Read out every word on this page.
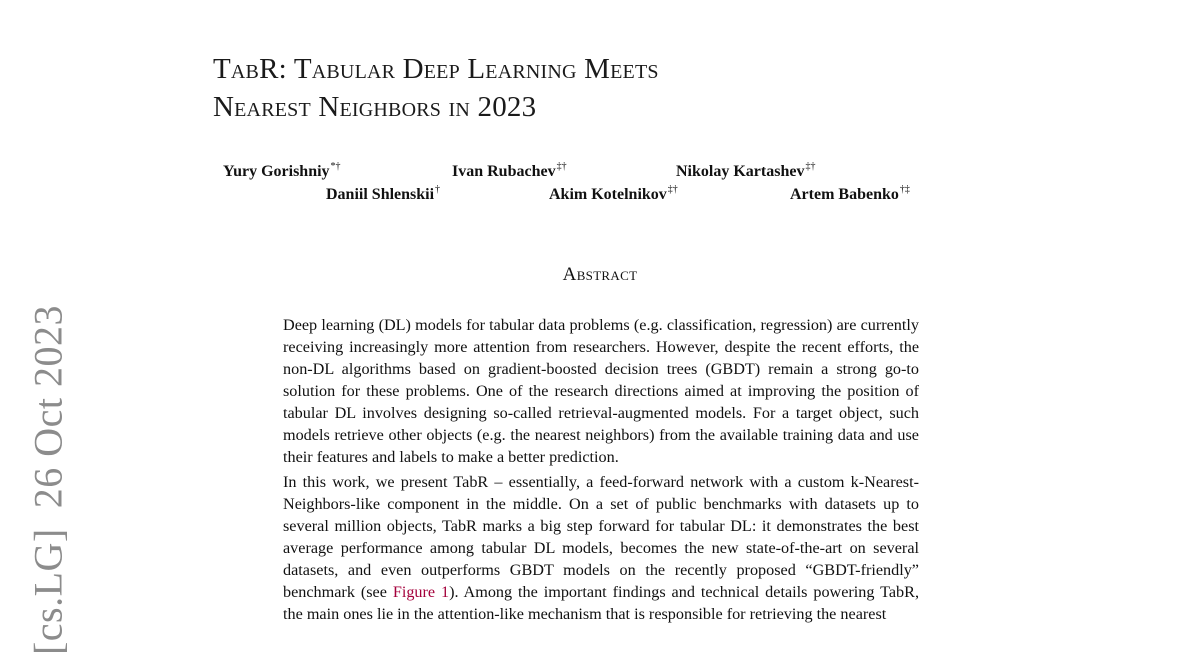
TabR: Tabular Deep Learning Meets
Nearest Neighbors in 2023
Yury Gorishniy*†	Ivan Rubachev‡†	Nikolay Kartashev‡†
Daniil Shlenskii†	Akim Kotelnikov‡†	Artem Babenko†‡
Abstract

Deep learning (DL) models for tabular data problems (e.g. classification, regression) are currently receiving increasingly more attention from researchers. However, despite the recent efforts, the non-DL algorithms based on gradient-boosted decision trees (GBDT) remain a strong go-to solution for these problems. One of the research directions aimed at improving the position of tabular DL involves designing so-called retrieval-augmented models. For a target object, such models retrieve other objects (e.g. the nearest neighbors) from the available training data and use their features and labels to make a better prediction.

In this work, we present TabR – essentially, a feed-forward network with a custom k-Nearest-Neighbors-like component in the middle. On a set of public benchmarks with datasets up to several million objects, TabR marks a big step forward for tabular DL: it demonstrates the best average performance among tabular DL models, becomes the new state-of-the-art on several datasets, and even outperforms GBDT models on the recently proposed “GBDT-friendly” benchmark (see Figure 1). Among the important findings and technical details powering TabR, the main ones lie in the attention-like mechanism that is responsible for retrieving the nearest

[cs.LG]26 Oct 2023
